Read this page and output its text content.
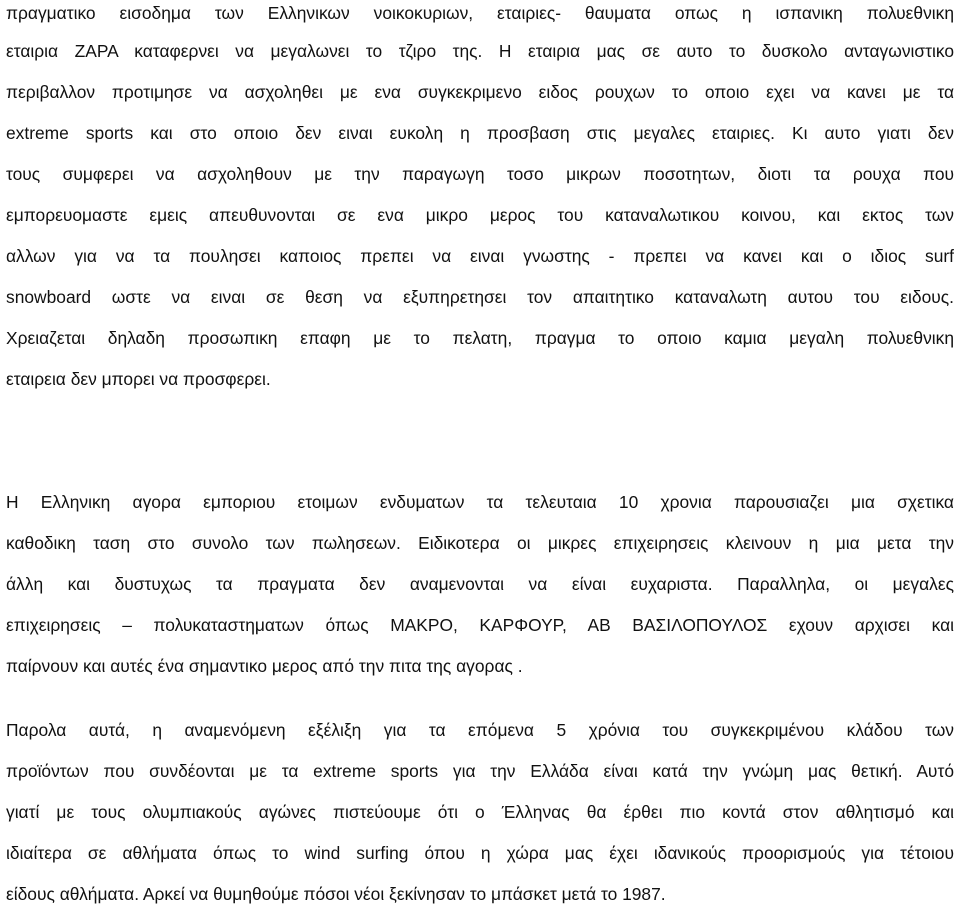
πραγματικο εισοδημα των Ελληνικων νοικοκυριων, εταιριες- θαυματα οπως η ισπανικη πολυεθνικη
εταιρια ΖΑΡΑ καταφερνει να μεγαλωνει το τζιρο της. Η εταιρια μας σε αυτο το δυσκολο ανταγωνιστικο
περιβαλλον προτιμησε να ασχοληθει με ενα συγκεκριμενο ειδος ρουχων το οποιο εχει να κανει με τα
extreme sports και στο οποιο δεν ειναι ευκολη η προσβαση στις μεγαλες εταιριες. Κι αυτο γιατι δεν
τους συμφερει να ασχοληθουν με την παραγωγη τοσο μικρων ποσοτητων, διοτι τα ρουχα που
εμπορευομαστε εμεις απευθυνονται σε ενα μικρο μερος του καταναλωτικου κοινου, και εκτος των
αλλων για να τα πουλησει καποιος πρεπει να ειναι γνωστης - πρεπει να κανει και ο ιδιος surf
snowboard ωστε να ειναι σε θεση να εξυπηρετησει τον απαιτητικο καταναλωτη αυτου του ειδους.
Χρειαζεται δηλαδη προσωπικη επαφη με το πελατη, πραγμα το οποιο καμια μεγαλη πολυεθνικη
εταιρεια δεν μπορει να προσφερει.
Η Ελληνικη αγορα εμποριου ετοιμων ενδυματων τα τελευταια 10 χρονια παρουσιαζει μια σχετικα
καθοδικη ταση στο συνολο των πωλησεων. Ειδικοτερα οι μικρες επιχειρησεις κλεινουν η μια μετα την
άλλη και δυστυχως τα πραγματα δεν αναμενονται να είναι ευχαριστα. Παραλληλα, οι μεγαλες
επιχειρησεις – πολυκαταστηματων όπως ΜΑΚΡΟ, ΚΑΡΦΟΥΡ, ΑΒ ΒΑΣΙΛΟΠΟΥΛΟΣ εχουν αρχισει και
παίρνουν και αυτές ένα σημαντικο μερος από την πιτα της αγορας .
Παρολα αυτά, η αναμενόμενη εξέλιξη για τα επόμενα 5 χρόνια του συγκεκριμένου κλάδου των
προϊόντων που συνδέονται με τα extreme sports για την Ελλάδα είναι κατά την γνώμη μας θετική. Αυτό
γιατί με τους ολυμπιακούς αγώνες πιστεύουμε ότι ο Έλληνας θα έρθει πιο κοντά στον αθλητισμό και
ιδιαίτερα σε αθλήματα όπως το wind surfing όπου η χώρα μας έχει ιδανικούς προορισμούς για τέτοιου
είδους αθλήματα. Αρκεί να θυμηθούμε πόσοι νέοι ξεκίνησαν το μπάσκετ μετά το 1987.
